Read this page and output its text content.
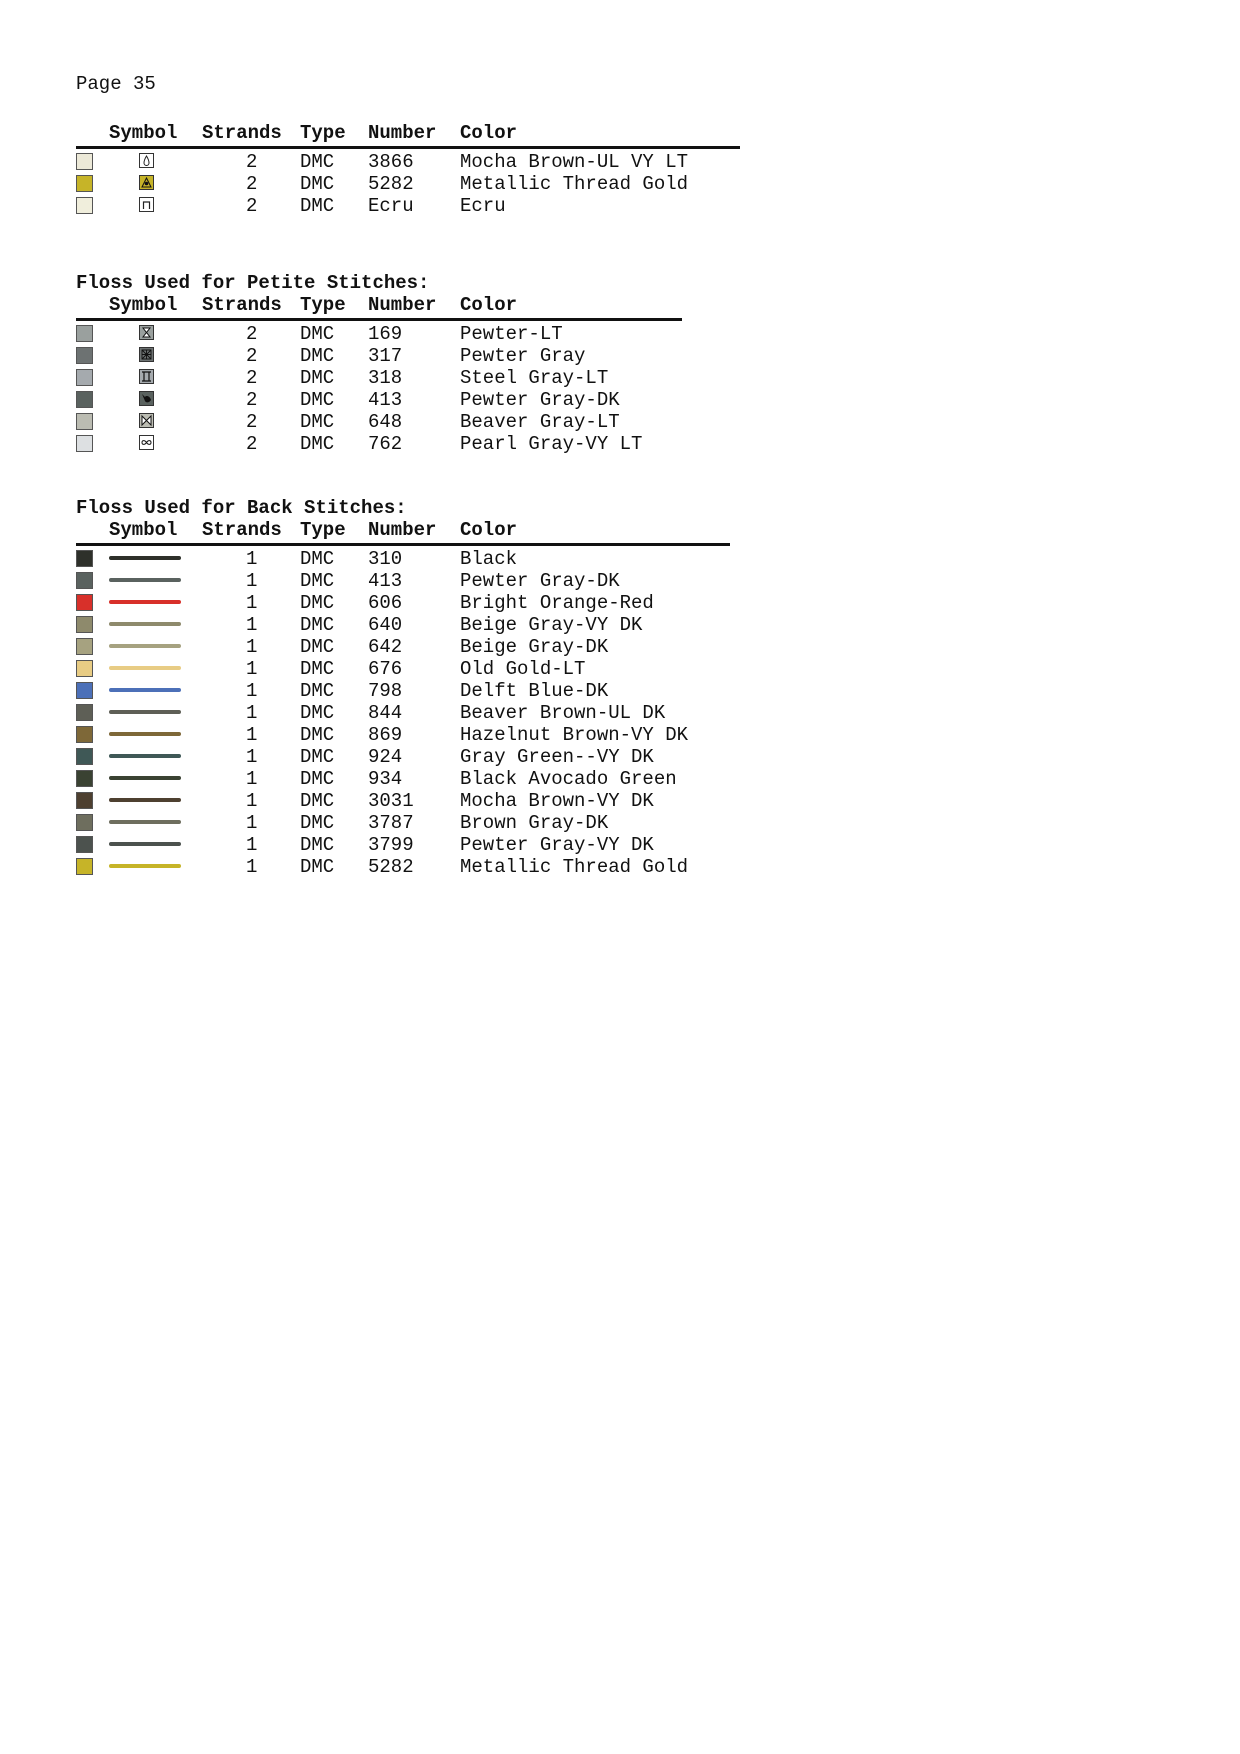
Page 35
Symbol Strands Type Number Color
2 DMC 3866 Mocha Brown-UL VY LT
2 DMC 5282 Metallic Thread Gold
2 DMC Ecru Ecru
Floss Used for Petite Stitches:
Symbol Strands Type Number Color
2 DMC 169	Pewter-LT
2 DMC 317	Pewter Gray
2 DMC 318	Steel Gray-LT
2 DMC 413	Pewter Gray-DK
2 DMC 648	Beaver Gray-LT
2 DMC 762	Pearl Gray-VY LT
Floss Used for Back Stitches:
Symbol Strands Type Number Color
1 DMC 310	Black
1 DMC 413	Pewter Gray-DK
1 DMC 606	Bright Orange-Red
1 DMC 640	Beige Gray-VY DK
1 DMC 642	Beige Gray-DK
1 DMC 676	Old Gold-LT
1 DMC 798	Delft Blue-DK
1 DMC 844	Beaver Brown-UL DK
1 DMC 869	Hazelnut Brown-VY DK
1 DMC 924	Gray Green--VY DK
1 DMC 934	Black Avocado Green
1 DMC 3031 Mocha Brown-VY DK
1 DMC 3787 Brown Gray-DK
1 DMC 3799 Pewter Gray-VY DK
1 DMC 5282 Metallic Thread Gold
